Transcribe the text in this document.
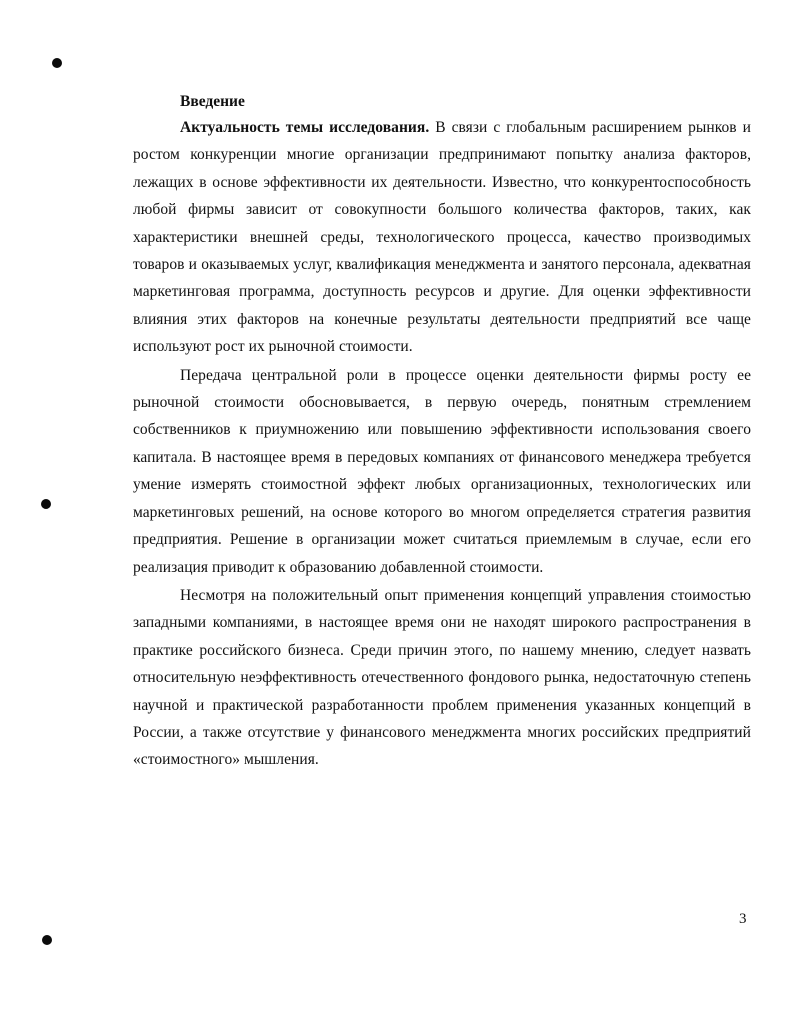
Введение

Актуальность темы исследования. В связи с глобальным расширением рынков и ростом конкуренции многие организации предпринимают попытку анализа факторов, лежащих в основе эффективности их деятельности. Известно, что конкурентоспособность любой фирмы зависит от совокупности большого количества факторов, таких, как характеристики внешней среды, технологического процесса, качество производимых товаров и оказываемых услуг, квалификация менеджмента и занятого персонала, адекватная маркетинговая программа, доступность ресурсов и другие. Для оценки эффективности влияния этих факторов на конечные результаты деятельности предприятий все чаще используют рост их рыночной стоимости.

Передача центральной роли в процессе оценки деятельности фирмы росту ее рыночной стоимости обосновывается, в первую очередь, понятным стремлением собственников к приумножению или повышению эффективности использования своего капитала. В настоящее время в передовых компаниях от финансового менеджера требуется умение измерять стоимостной эффект любых организационных, технологических или маркетинговых решений, на основе которого во многом определяется стратегия развития предприятия. Решение в организации может считаться приемлемым в случае, если его реализация приводит к образованию добавленной стоимости.

Несмотря на положительный опыт применения концепций управления стоимостью западными компаниями, в настоящее время они не находят широкого распространения в практике российского бизнеса. Среди причин этого, по нашему мнению, следует назвать относительную неэффективность отечественного фондового рынка, недостаточную степень научной и практической разработанности проблем применения указанных концепций в России, а также отсутствие у финансового менеджмента многих российских предприятий «стоимостного» мышления.

3
